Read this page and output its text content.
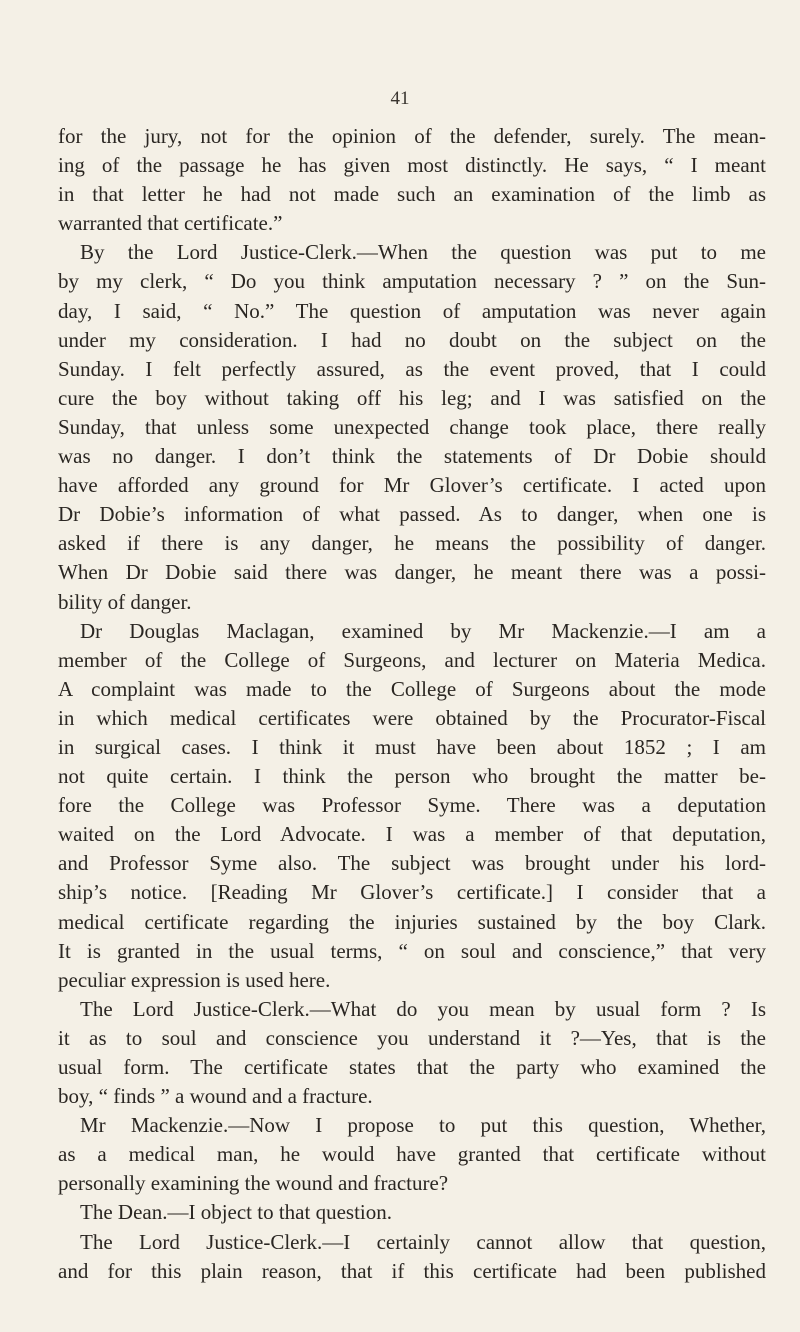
41
for the jury, not for the opinion of the defender, surely. The mean-
ing of the passage he has given most distinctly. He says, “ I meant
in that letter he had not made such an examination of the limb as
warranted that certificate.”
By the Lord Justice-Clerk.—When the question was put to me
by my clerk, “ Do you think amputation necessary ? ” on the Sun-
day, I said, “ No.” The question of amputation was never again
under my consideration. I had no doubt on the subject on the
Sunday. I felt perfectly assured, as the event proved, that I could
cure the boy without taking off his leg; and I was satisfied on the
Sunday, that unless some unexpected change took place, there really
was no danger. I don’t think the statements of Dr Dobie should
have afforded any ground for Mr Glover’s certificate. I acted upon
Dr Dobie’s information of what passed. As to danger, when one is
asked if there is any danger, he means the possibility of danger.
When Dr Dobie said there was danger, he meant there was a possi-
bility of danger.
Dr Douglas Maclagan, examined by Mr Mackenzie.—I am a
member of the College of Surgeons, and lecturer on Materia Medica.
A complaint was made to the College of Surgeons about the mode
in which medical certificates were obtained by the Procurator-Fiscal
in surgical cases. I think it must have been about 1852 ; I am
not quite certain. I think the person who brought the matter be-
fore the College was Professor Syme. There was a deputation
waited on the Lord Advocate. I was a member of that deputation,
and Professor Syme also. The subject was brought under his lord-
ship’s notice. [Reading Mr Glover’s certificate.] I consider that a
medical certificate regarding the injuries sustained by the boy Clark.
It is granted in the usual terms, “ on soul and conscience,” that very
peculiar expression is used here.
The Lord Justice-Clerk.—What do you mean by usual form ? Is
it as to soul and conscience you understand it ?—Yes, that is the
usual form. The certificate states that the party who examined the
boy, “ finds ” a wound and a fracture.
Mr Mackenzie.—Now I propose to put this question, Whether,
as a medical man, he would have granted that certificate without
personally examining the wound and fracture?
The Dean.—I object to that question.
The Lord Justice-Clerk.—I certainly cannot allow that question,
and for this plain reason, that if this certificate had been published
